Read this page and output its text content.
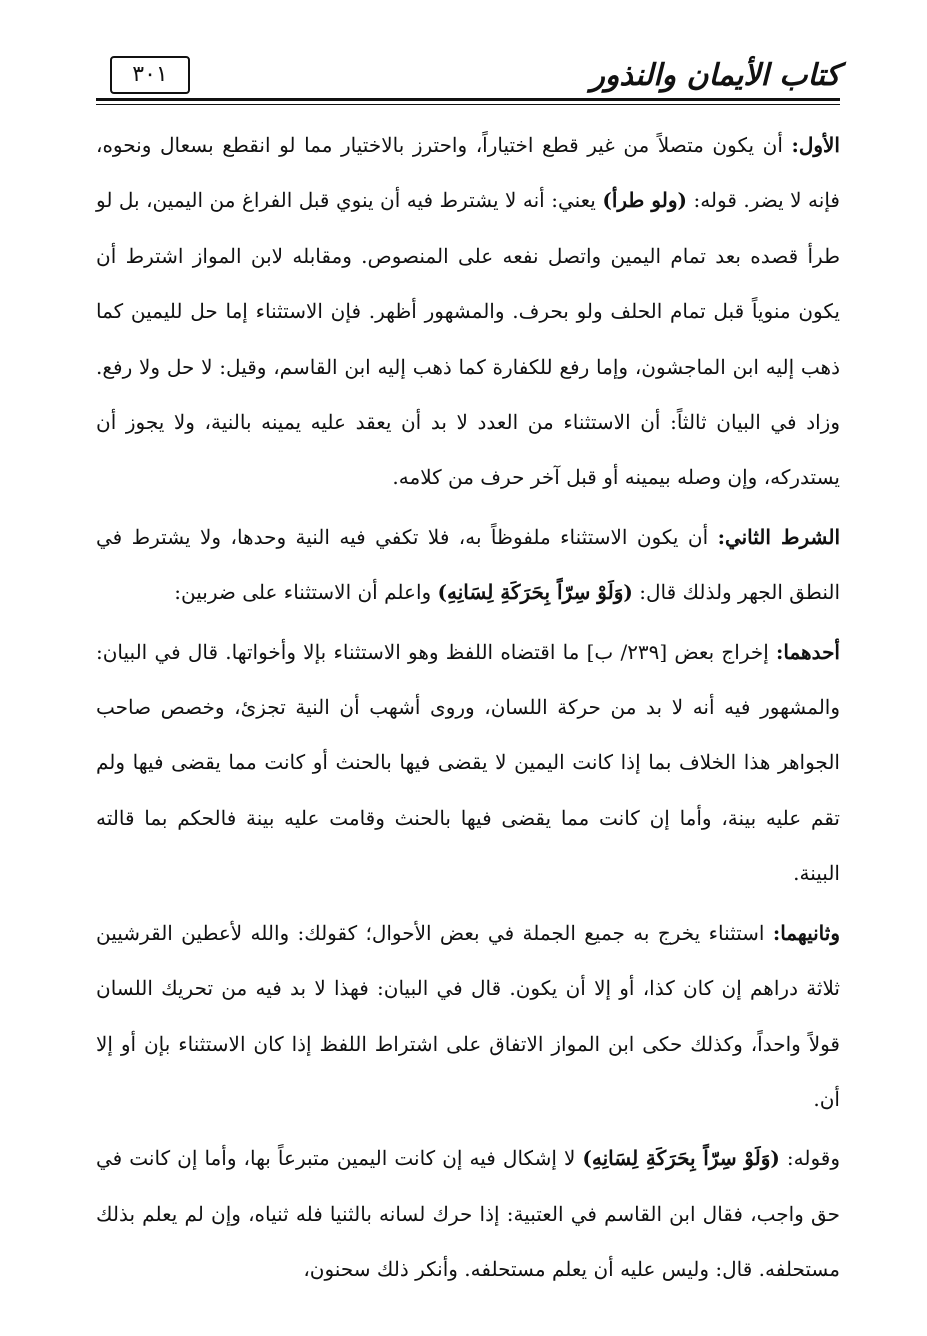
٣٠١	كتاب الأيمان والنذور

الأول: أن يكون متصلاً من غير قطع اختياراً، واحترز بالاختيار مما لو انقطع بسعال ونحوه، فإنه لا يضر. قوله: (ولو طرأ) يعني: أنه لا يشترط فيه أن ينوي قبل الفراغ من اليمين، بل لو طرأ قصده بعد تمام اليمين واتصل نفعه على المنصوص. ومقابله لابن المواز اشترط أن يكون منوياً قبل تمام الحلف ولو بحرف. والمشهور أظهر. فإن الاستثناء إما حل لليمين كما ذهب إليه ابن الماجشون، وإما رفع للكفارة كما ذهب إليه ابن القاسم، وقيل: لا حل ولا رفع. وزاد في البيان ثالثاً: أن الاستثناء من العدد لا بد أن يعقد عليه يمينه بالنية، ولا يجوز أن يستدركه، وإن وصله بيمينه أو قبل آخر حرف من كلامه.

الشرط الثاني: أن يكون الاستثناء ملفوظاً به، فلا تكفي فيه النية وحدها، ولا يشترط في النطق الجهر ولذلك قال: (وَلَوْ سِرّاً بِحَرَكَةِ لِسَانِهِ) واعلم أن الاستثناء على ضربين:

أحدهما: إخراج بعض [٢٣٩/ ب] ما اقتضاه اللفظ وهو الاستثناء بإلا وأخواتها. قال في البيان: والمشهور فيه أنه لا بد من حركة اللسان، وروى أشهب أن النية تجزئ، وخصص صاحب الجواهر هذا الخلاف بما إذا كانت اليمين لا يقضى فيها بالحنث أو كانت مما يقضى فيها ولم تقم عليه بينة، وأما إن كانت مما يقضى فيها بالحنث وقامت عليه بينة فالحكم بما قالته البينة.

وثانيهما: استثناء يخرج به جميع الجملة في بعض الأحوال؛ كقولك: والله لأعطين القرشيين ثلاثة دراهم إن كان كذا، أو إلا أن يكون. قال في البيان: فهذا لا بد فيه من تحريك اللسان قولاً واحداً، وكذلك حكى ابن المواز الاتفاق على اشتراط اللفظ إذا كان الاستثناء بإن أو إلا أن.

وقوله: (وَلَوْ سِرّاً بِحَرَكَةِ لِسَانِهِ) لا إشكال فيه إن كانت اليمين متبرعاً بها، وأما إن كانت في حق واجب، فقال ابن القاسم في العتبية: إذا حرك لسانه بالثنيا فله ثنياه، وإن لم يعلم بذلك مستحلفه. قال: وليس عليه أن يعلم مستحلفه. وأنكر ذلك سحنون،
